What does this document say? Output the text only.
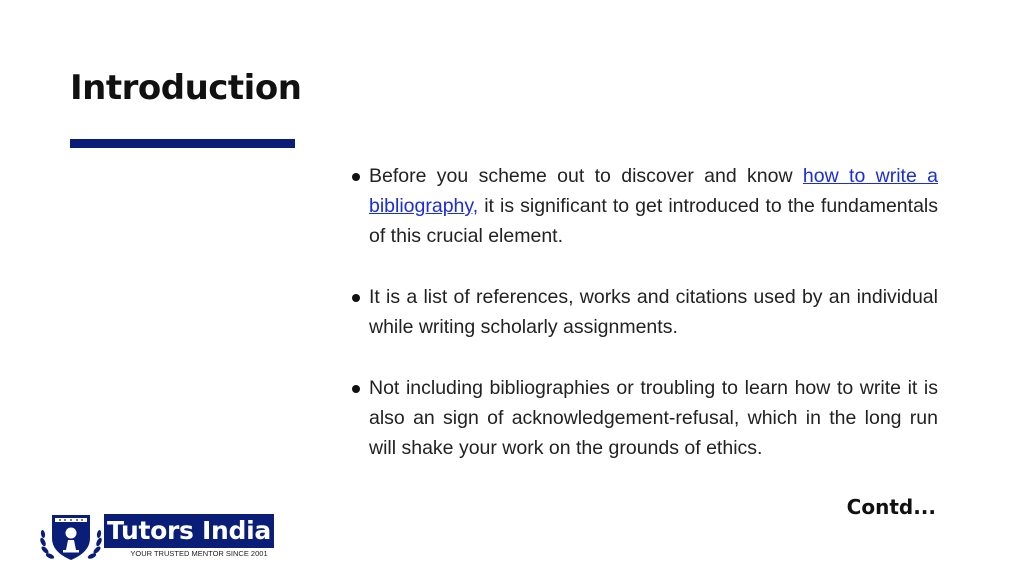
Introduction
Before you scheme out to discover and know how to write a bibliography, it is significant to get introduced to the fundamentals of this crucial element.
It is a list of references, works and citations used by an individual while writing scholarly assignments.
Not including bibliographies or troubling to learn how to write it is also an sign of acknowledgement-refusal, which in the long run will shake your work on the grounds of ethics.
Contd...
Tutors India
YOUR TRUSTED MENTOR SINCE 2001
